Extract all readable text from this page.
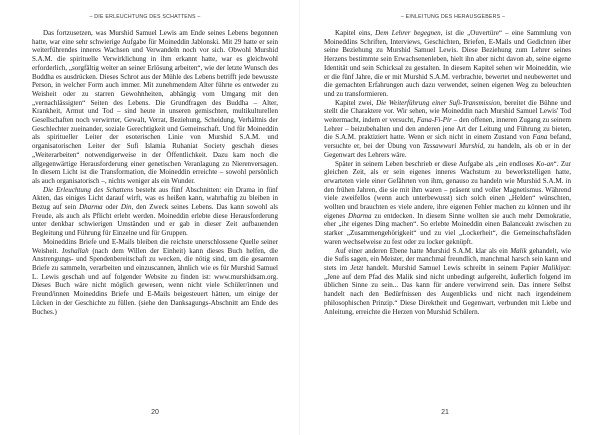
– DIE ERLEUCHTUNG DES SCHATTENS –

Das fortzusetzen, was Murshid Samuel Lewis am Ende seines Lebens begonnen hatte, war eine sehr schwierige Aufgabe für Moineddin Jablonski. Mit 29 hatte er sein weiterführendes inneres Wachsen und Verwandeln noch vor sich. Obwohl Murshid S.A.M. die spirituelle Verwirklichung in ihm erkannt hatte, war es gleichwohl erforderlich, „sorgfältig weiter an seiner Erlösung arbeiten“, wie der letzte Wunsch des Buddha es ausdrücken. Dieses Schrot aus der Mühle des Lebens betrifft jede bewusste Person, in welcher Form auch immer. Mit zunehmendem Alter führte es entweder zu Weisheit oder zu starren Gewohnheiten, abhängig vom Umgang mit den „vernachlässigten“ Seiten des Lebens. Die Grundfragen des Buddha – Alter, Krankheit, Armut und Tod – sind heute in unseren gemischten, multikulturellen Gesellschaften noch verwirrter, Gewalt, Verrat, Beziehung, Scheidung, Verhältnis der Geschlechter zueinander, soziale Gerechtigkeit und Gemeinschaft. Und für Moineddin als spiritueller Leiter der esoterischen Linie von Murshid S.A.M. und organisatorischen Leiter der Sufi Islamia Ruhaniat Society geschah dieses „Weiterarbeiten“ notwendigerweise in der Öffentlichkeit. Dazu kam noch die allgegenwärtige Herausforderung einer genetischen Veranlagung zu Nierenversagen. In diesem Licht ist die Transformation, die Moineddin erreichte – sowohl persönlich als auch organisatorisch –, nichts weniger als ein Wunder.

Die Erleuchtung des Schattens besteht aus fünf Abschnitten: ein Drama in fünf Akten, das einiges Licht darauf wirft, was es heißen kann, wahrhaftig zu bleiben in Bezug auf sein Dharma oder Din, den Zweck seines Lebens. Das kann sowohl als Freude, als auch als Pflicht erlebt werden. Moineddin erlebte diese Herausforderung unter denkbar schwierigen Umständen und er gab in dieser Zeit aufbauenden Begleitung und Führung für Einzelne und für Gruppen.

Moineddins Briefe und E-Mails bleiben die reichste unerschlossene Quelle seiner Weisheit. Inshallah (nach dem Willen der Einheit) kann dieses Buch helfen, die Anstrengungs- und Spendenbereitschaft zu wecken, die nötig sind, um die gesamten Briefe zu sammeln, verarbeiten und einzuscannen, ähnlich wie es für Murshid Samuel L. Lewis geschah und auf folgender Website zu finden ist: www.murshidsam.org. Dieses Buch wäre nicht möglich gewesen, wenn nicht viele Schüler/innen und Freund/innen Moineddins Briefe und E-Mails beigesteuert hätten, um einige der Lücken in der Geschichte zu füllen. (siehe den Danksagungs-Abschnitt am Ende des Buches.)

20
– EINLEITUNG DES HERAUSGEBERS –

Kapitel eins, Dem Lehrer begegnen, ist die „Ouvertüre“ – eine Sammlung von Moineddins Schriften, Interviews, Geschichten, Briefen, E-Mails und Gedichten über seine Beziehung zu Murshid Samuel Lewis. Diese Beziehung zum Lehrer seines Herzens bestimmte sein Erwachsenenleben, hielt ihn aber nicht davon ab, seine eigene Identität und sein Schicksal zu gestalten. In diesem Kapitel sehen wir Moineddin, wie er die fünf Jahre, die er mit Murshid S.A.M. verbrachte, bewertet und neubewertet und die gemachten Erfahrungen auch dazu verwendet, seinen eigenen Weg zu beleuchten und zu transformieren.

Kapitel zwei, Die Weiterführung einer Sufi-Transmission, bereitet die Bühne und stellt die Charaktere vor. Wir sehen, wie Moineddin nach Murshid Samuel Lewis' Tod weitermacht, indem er versucht, Fana-Fi-Pir – den offenen, inneren Zugang zu seinem Lehrer – beizubehalten und den anderen jene Art der Leitung und Führung zu bieten, die S.A.M. praktiziert hatte. Wenn er sich nicht in einem Zustand von Fana befand, versuchte er, bei der Übung von Tassawwuri Murshid, zu handeln, als ob er in der Gegenwart des Lehrers wäre.

Später in seinem Leben beschrieb er diese Aufgabe als „ein endloses Ko-an“. Zur gleichen Zeit, als er sein eigenes inneres Wachstum zu bewerkstelligen hatte, erwarteten viele einer Gefährten von ihm, genauso zu handeln wie Murshid S.A.M. in den frühen Jahren, die sie mit ihm waren – präsent und voller Magnetismus. Während viele zweifellos (wenn auch unterbewusst) sich solch einen „Helden“ wünschten, wollten und brauchten es viele andere, ihre eigenen Fehler machen zu können und ihr eigenes Dharma zu entdecken. In diesem Sinne wollten sie auch mehr Demokratie, eher „ihr eigenes Ding machen“. So erlebte Moineddin einen Balanceakt zwischen zu starker „Zusammengehörigkeit“ und zu viel „Lockerheit“, die Gemeinschaftsfäden waren wechselweise zu fest oder zu locker geknüpft.

Auf einer anderen Ebene hatte Murshid S.A.M. klar als ein Malik gehandelt, wie die Sufis sagen, ein Meister, der manchmal freundlich, manchmal harsch sein kann und stets im Jetzt handelt. Murshid Samuel Lewis schreibt in seinem Papier Malikiyat: „Jene auf dem Pfad des Malik sind nicht unbedingt aufgereiht, äußerlich folgend im üblichen Sinne zu sein... Das kann für andere verwirrend sein. Das innere Selbst handelt nach den Bedürfnissen des Augenblicks und nicht nach irgendeinem philosophischen Prinzip.“ Diese Direktheit und Gegenwart, verbunden mit Liebe und Anleitung, erreichte die Herzen von Murshid Schülern.

21
